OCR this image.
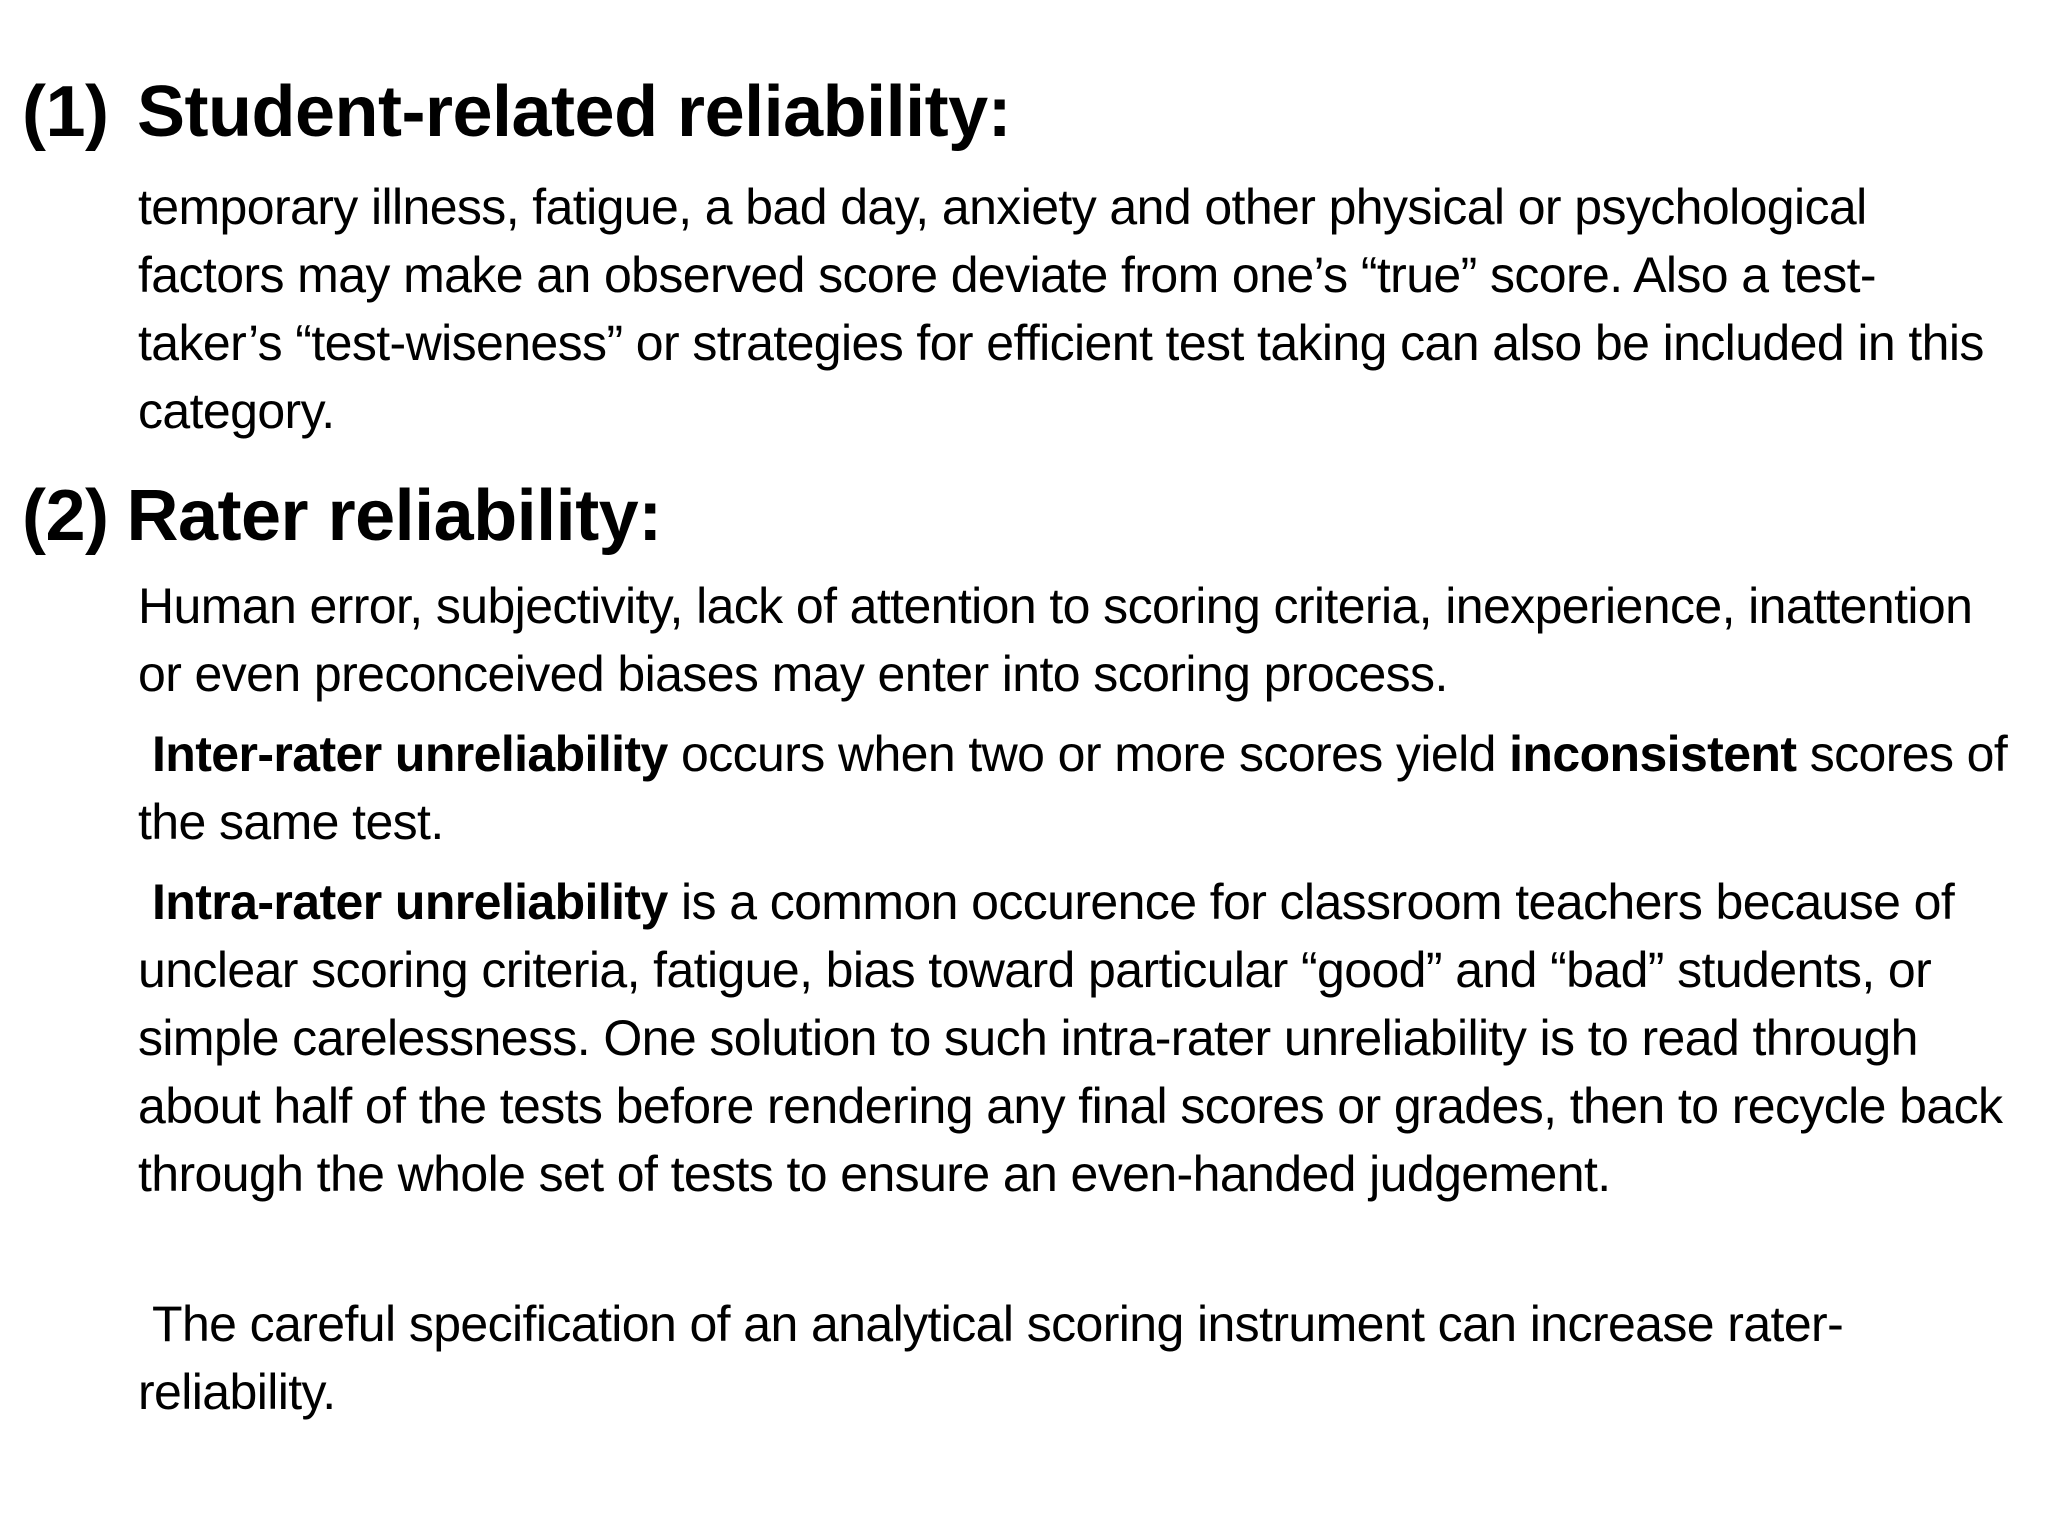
(1) Student-related reliability:
temporary illness, fatigue, a bad day, anxiety and other physical or psychological factors may make an observed score deviate from one’s “true” score. Also a test-taker’s “test-wiseness” or strategies for efficient test taking can also be included in this category.
(2) Rater reliability:
Human error, subjectivity, lack of attention to scoring criteria, inexperience, inattention or even preconceived biases may enter into scoring process.
Inter-rater unreliability occurs when two or more scores yield inconsistent scores of the same test.
Intra-rater unreliability is a common occurence for classroom teachers because of unclear scoring criteria, fatigue, bias toward particular “good” and “bad” students, or simple carelessness. One solution to such intra-rater unreliability is to read through about half of the tests before rendering any final scores or grades, then to recycle back through the whole set of tests to ensure an even-handed judgement.
The careful specification of an analytical scoring instrument can increase rater-reliability.
